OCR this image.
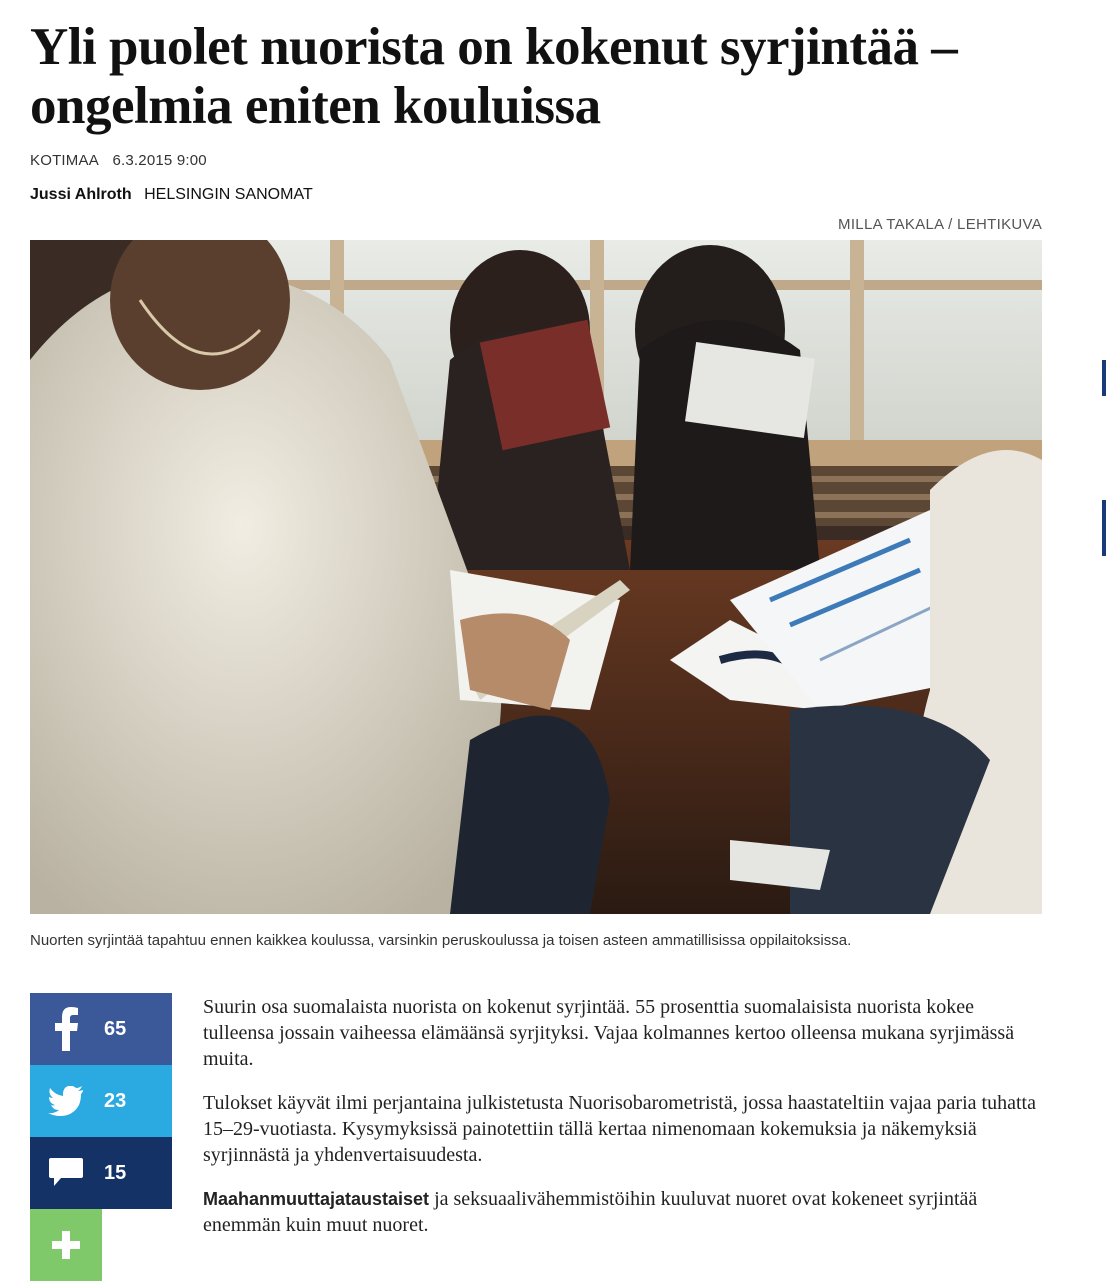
Yli puolet nuorista on kokenut syrjintää – ongelmia eniten kouluissa
KOTIMAA 6.3.2015 9:00
Jussi Ahlroth HELSINGIN SANOMAT
MILLA TAKALA / LEHTIKUVA
Nuorten syrjintää tapahtuu ennen kaikkea koulussa, varsinkin peruskoulussa ja toisen asteen ammatillisissa oppilaitoksissa.
65
23
15

Suurin osa suomalaista nuorista on kokenut syrjintää. 55 prosenttia suomalaisista nuorista kokee tulleensa jossain vaiheessa elämäänsä syrjityksi. Vajaa kolmannes kertoo olleensa mukana syrjimässä muita.

Tulokset käyvät ilmi perjantaina julkistetusta Nuorisobarometristä, jossa haastateltiin vajaa paria tuhatta 15–29-vuotiasta. Kysymyksissä painotettiin tällä kertaa nimenomaan kokemuksia ja näkemyksiä syrjinnästä ja yhdenvertaisuudesta.

Maahanmuuttajataustaiset ja seksuaalivähemmistöihin kuuluvat nuoret ovat kokeneet syrjintää enemmän kuin muut nuoret.
